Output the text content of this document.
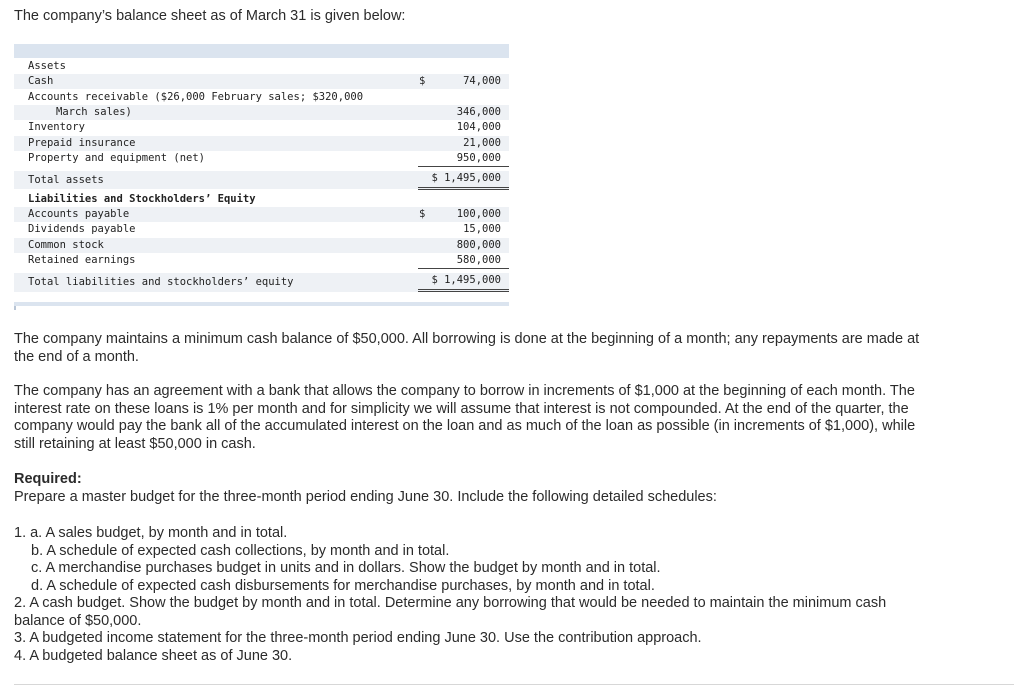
The company’s balance sheet as of March 31 is given below:
Assets
Cash	$	74,000
Accounts receivable ($26,000 February sales; $320,000
March sales)	346,000
Inventory	104,000
Prepaid insurance	21,000
Property and equipment (net)	950,000
Total assets	$ 1,495,000
Liabilities and Stockholders’ Equity
Accounts payable	$	100,000
Dividends payable	15,000
Common stock	800,000
Retained earnings	580,000
Total liabilities and stockholders’ equity	$ 1,495,000
The company maintains a minimum cash balance of $50,000. All borrowing is done at the beginning of a month; any repayments are made at the end of a month.
The company has an agreement with a bank that allows the company to borrow in increments of $1,000 at the beginning of each month. The interest rate on these loans is 1% per month and for simplicity we will assume that interest is not compounded. At the end of the quarter, the company would pay the bank all of the accumulated interest on the loan and as much of the loan as possible (in increments of $1,000), while still retaining at least $50,000 in cash.
Required:
Prepare a master budget for the three-month period ending June 30. Include the following detailed schedules:
1. a. A sales budget, by month and in total.
b. A schedule of expected cash collections, by month and in total.
c. A merchandise purchases budget in units and in dollars. Show the budget by month and in total.
d. A schedule of expected cash disbursements for merchandise purchases, by month and in total.
2. A cash budget. Show the budget by month and in total. Determine any borrowing that would be needed to maintain the minimum cash balance of $50,000.
3. A budgeted income statement for the three-month period ending June 30. Use the contribution approach.
4. A budgeted balance sheet as of June 30.
